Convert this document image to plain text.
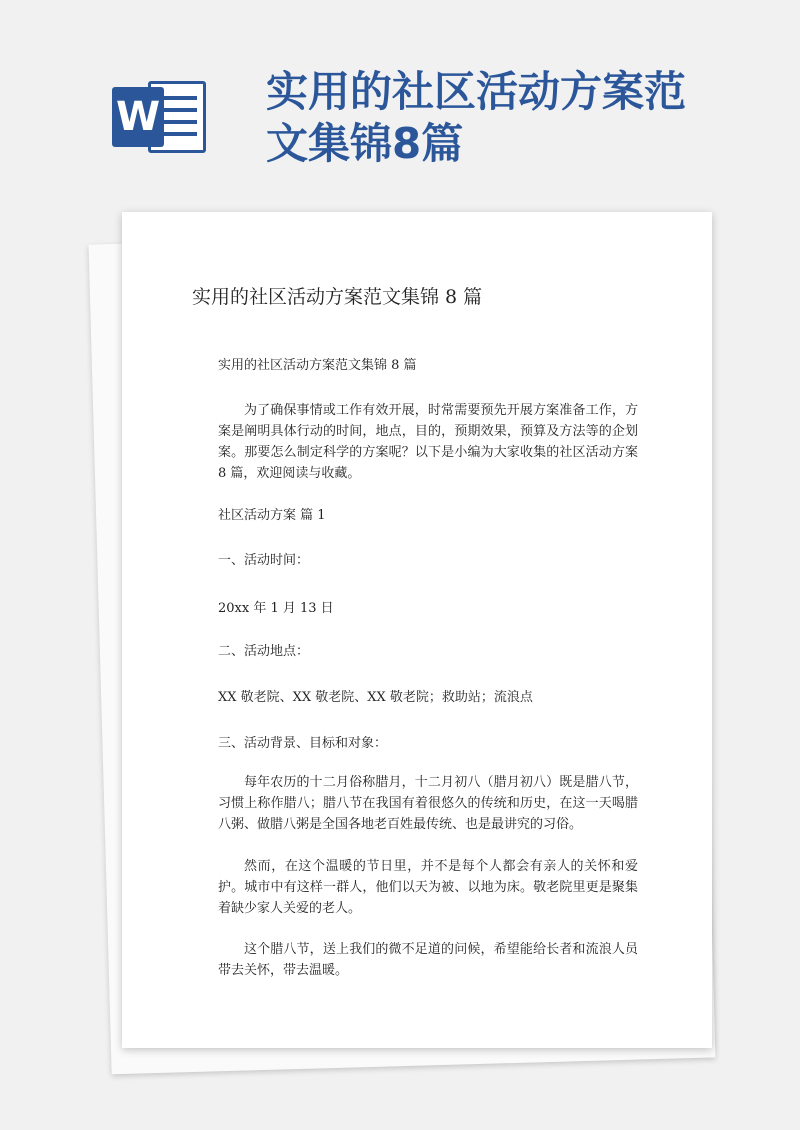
W
实用的社区活动方案范文集锦8篇
实用的社区活动方案范文集锦 8 篇

实用的社区活动方案范文集锦 8 篇

为了确保事情或工作有效开展，时常需要预先开展方案准备工作，方案是阐明具体行动的时间，地点，目的，预期效果，预算及方法等的企划案。那要怎么制定科学的方案呢？以下是小编为大家收集的社区活动方案 8 篇，欢迎阅读与收藏。

社区活动方案 篇 1

一、活动时间：

20xx 年 1 月 13 日

二、活动地点：

XX 敬老院、XX 敬老院、XX 敬老院；救助站；流浪点

三、活动背景、目标和对象：

每年农历的十二月俗称腊月，十二月初八（腊月初八）既是腊八节，习惯上称作腊八；腊八节在我国有着很悠久的传统和历史，在这一天喝腊八粥、做腊八粥是全国各地老百姓最传统、也是最讲究的习俗。

然而，在这个温暖的节日里，并不是每个人都会有亲人的关怀和爱护。城市中有这样一群人，他们以天为被、以地为床。敬老院里更是聚集着缺少家人关爱的老人。

这个腊八节，送上我们的微不足道的问候，希望能给长者和流浪人员带去关怀，带去温暖。
